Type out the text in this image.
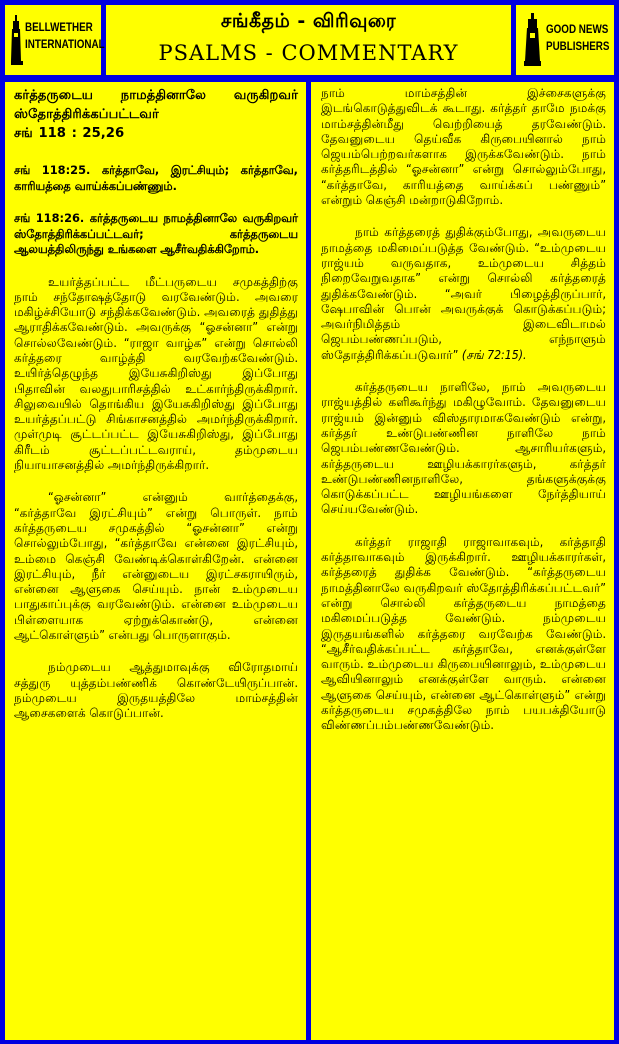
BELLWETHER
INTERNATIONAL
சங்கீதம் - விரிவுரை
PSALMS - COMMENTARY
GOOD NEWS
PUBLISHERS
கர்த்தருடைய நாமத்தினாலே வருகிறவர்
ஸ்தோத்திரிக்கப்பட்டவர்
சங் 118 : 25,26
சங் 118:25. கர்த்தாவே, இரட்சியும்; கர்த்தாவே, காரியத்தை வாய்க்கப்பண்ணும்.
சங் 118:26. கர்த்தருடைய நாமத்தினாலே வருகிறவர் ஸ்தோத்திரிக்கப்பட்டவர்; கர்த்தருடைய ஆலயத்திலிருந்து உங்களை ஆசீர்வதிக்கிறோம்.

உயர்த்தப்பட்ட மீட்பருடைய சமுகத்திற்கு நாம் சந்தோஷத்தோடு வரவேண்டும். அவரை மகிழ்ச்சியோடு சந்திக்கவேண்டும். அவரைத் துதித்து ஆராதிக்கவேண்டும். அவருக்கு “ஓசன்னா” என்று சொல்லவேண்டும். “ராஜா வாழ்க” என்று சொல்லி கர்த்தரை வாழ்த்தி வரவேற்கவேண்டும். உயிர்த்தெழுந்த இயேசுகிறிஸ்து இப்போது பிதாவின் வலதுபாரிசத்தில் உட்கார்ந்திருக்கிறார். சிலுவையில் தொங்கிய இயேசுகிறிஸ்து இப்போது உயர்த்தப்பட்டு சிங்காசனத்தில் அமர்ந்திருக்கிறார். முள்முடி சூட்டப்பட்ட இயேசுகிறிஸ்து, இப்போது கிரீடம் சூட்டப்பட்டவராய், தம்முடைய நியாயாசனத்தில் அமர்ந்திருக்கிறார்.

“ஓசன்னா” என்னும் வார்த்தைக்கு, “கர்த்தாவே இரட்சியும்” என்று பொருள். நாம் கர்த்தருடைய சமுகத்தில் “ஓசன்னா” என்று சொல்லும்போது, “கர்த்தாவே என்னை இரட்சியும், உம்மை கெஞ்சி வேண்டிக்கொள்கிறேன். என்னை இரட்சியும், நீர் என்னுடைய இரட்சகராயிரும், என்னை ஆளுகை செய்யும். நான் உம்முடைய பாதுகாப்புக்கு வரவேண்டும். என்னை உம்முடைய பிள்ளையாக ஏற்றுக்கொண்டு, என்னை ஆட்கொள்ளும்” என்பது பொருளாகும்.

நம்முடைய ஆத்துமாவுக்கு விரோதமாய் சத்துரு யுத்தம்பண்ணிக் கொண்டேயிருப்பான். நம்முடைய இருதயத்திலே மாம்சத்தின் ஆசைகளைக் கொடுப்பான்.

நாம் மாம்சத்தின் இச்சைகளுக்கு இடங்கொடுத்துவிடக் கூடாது. கர்த்தர் தாமே நமக்கு மாம்சத்தின்மீது வெற்றியைத் தரவேண்டும். தேவனுடைய தெய்வீக கிருபையினால் நாம் ஜெயம்பெற்றவர்களாக இருக்கவேண்டும். நாம் கர்த்தரிடத்தில் “ஓசன்னா” என்று சொல்லும்போது, “கர்த்தாவே, காரியத்தை வாய்க்கப் பண்ணும்” என்றும் கெஞ்சி மன்றாடுகிறோம்.

நாம் கர்த்தரைத் துதிக்கும்போது, அவருடைய நாமத்தை மகிமைப்படுத்த வேண்டும். “உம்முடைய ராஜ்யம் வருவதாக, உம்முடைய சித்தம் நிறைவேறுவதாக” என்று சொல்லி கர்த்தரைத் துதிக்கவேண்டும். “அவர் பிழைத்திருப்பார், ஷேபாவின் பொன் அவருக்குக் கொடுக்கப்படும்; அவர்நிமித்தம் இடைவிடாமல் ஜெபம்பண்ணப்படும், எந்நாளும் ஸ்தோத்திரிக்கப்படுவார்” (சங் 72:15).

கர்த்தருடைய நாளிலே, நாம் அவருடைய ராஜ்யத்தில் களிகூர்ந்து மகிழுவோம். தேவனுடைய ராஜ்யம் இன்னும் விஸ்தாரமாகவேண்டும் என்று, கர்த்தர் உண்டுபண்ணின நாளிலே நாம் ஜெபம்பண்ணவேண்டும். ஆசாரியர்களும், கர்த்தருடைய ஊழியக்காரர்களும், கர்த்தர் உண்டுபண்ணினநாளிலே, தங்களுக்குக்கு கொடுக்கப்பட்ட ஊழியங்களை நேர்த்தியாய் செய்யவேண்டும்.

கர்த்தர் ராஜாதி ராஜாவாகவும், கர்த்தாதி கர்த்தாவாகவும் இருக்கிறார். ஊழியக்காரர்கள், கர்த்தரைத் துதிக்க வேண்டும். “கர்த்தருடைய நாமத்தினாலே வருகிறவர் ஸ்தோத்திரிக்கப்பட்டவர்” என்று சொல்லி கர்த்தருடைய நாமத்தை மகிமைப்படுத்த வேண்டும். நம்முடைய இருதயங்களில் கர்த்தரை வரவேற்க வேண்டும். “ஆசீர்வதிக்கப்பட்ட கர்த்தாவே, எனக்குள்ளே வாரும். உம்முடைய கிருபையினாலும், உம்முடைய ஆவியினாலும் எனக்குள்ளே வாரும். என்னை ஆளுகை செய்யும், என்னை ஆட்கொள்ளும்” என்று கர்த்தருடைய சமுகத்திலே நாம் பயபக்தியோடு விண்ணப்பம்பண்ணவேண்டும்.
